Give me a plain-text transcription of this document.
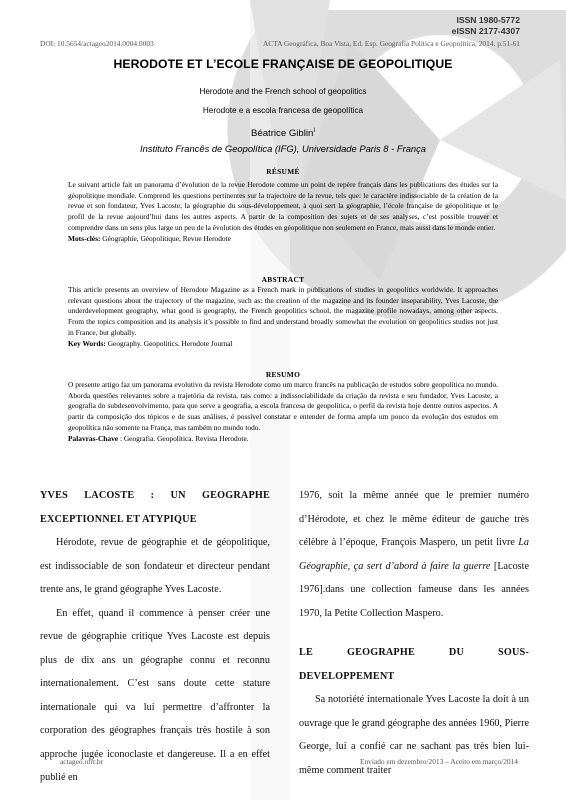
ISSN 1980-5772
eISSN 2177-4307
DOI: 10.5654/actageo2014.0004.0003	ACTA Geográfica, Boa Vista, Ed. Esp. Geografia Política e Geopolítica, 2014. p.51-61
HERODOTE ET L’ECOLE FRANÇAISE DE GEOPOLITIQUE
Herodote and the French school of geopolitics
Herodote e a escola francesa de geopolítica
Béatrice Giblin$^I$
Instituto Francês de Geopolítica (IFG), Universidade Paris 8 - França
RÉSUMÉ

Le suivant article fait un panorama d’évolution de la revue Herodote comme un point de repère français dans les publications des études sur la géopolitique mondiale. Comprend les questions pertinentes sur la trajectoire de la revue, tels que: le caractère indissociable de la création de la revue et son fondateur, Yves Lacoste, la géographie du sous-développement, à quoi sert la géographie, l’école française de géopolitique et le profil de la revue aujourd’hui dans les autres aspects. A partir de la composition des sujets et de ses analyses, c’est possible trouver et comprendre dans un sens plus large un peu de la évolution des études en géopolitique non seulement en France, mais aussi dans le monde entier.

Mots-clés: Géographie, Géopolitique, Revue Herodote

ABSTRACT

This article presents an overview of Herodote Magazine as a French mark in publications of studies in geopolitics worldwide. It approaches relevant questions about the trajectory of the magazine, such as: the creation of the magazine and its founder inseparability, Yves Lacoste, the underdevelopment geography, what good is geography, the French geopolitics school, the magazine profile nowadays, among other aspects. From the topics composition and its analysis it’s possible to find and understand broadly somewhat the evolution on geopolitics studies not just in France, but globally.

Key Words: Geography. Geopolitics. Herodote Journal

RESUMO

O presente artigo faz um panorama evolutivo da revista Herodote como um marco francês na publicação de estudos sobre geopolítica no mundo. Aborda questões relevantes sobre a trajetória da revista, tais como: a indissociabilidade da criação da revista e seu fundador, Yves Lacoste, a geografia do subdesenvolvimento, para que serve a geografia, a escola francesa de geopolítica, o perfil da revista hoje dentre outros aspectos. A partir da composição dos tópicos e de suas análises, é possível constatar e entender de forma ampla um pouco da evolução dos estudos em geopolítica não somente na França, mas também no mundo todo.

Palavras-Chave : Geografia. Geopolítica. Revista Herodote.

YVES LACOSTE : UN GEOGRAPHE

EXCEPTIONNEL ET ATYPIQUE

Hérodote, revue de géographie et de géopolitique, est indissociable de son fondateur et directeur pendant trente ans, le grand géographe Yves Lacoste.

En effet, quand il commence à penser créer une revue de géographie critique Yves Lacoste est depuis plus de dix ans un géographe connu et reconnu internationalement. C’est sans doute cette stature internationale qui va lui permettre d’affronter la corporation des géographes français très hostile à son approche jugée iconoclaste et dangereuse. Il a en effet publié en

1976, soit la même année que le premier numéro d’Hérodote, et chez le même éditeur de gauche très célèbre à l’époque, François Maspero, un petit livre La Géographie, ça sert d’abord à faire la guerre [Lacoste 1976].dans une collection fameuse dans les années 1970, la Petite Collection Maspero.

LE GEOGRAPHE DU SOUS-

DEVELOPPEMENT

Sa notoriété internationale Yves Lacoste la doit à un ouvrage que le grand géographe des années 1960, Pierre George, lui a confié car ne sachant pas très bien lui-même comment traiter

actageo.ufrr.br	Enviado em dezembro/2013 – Aceito em março/2014
